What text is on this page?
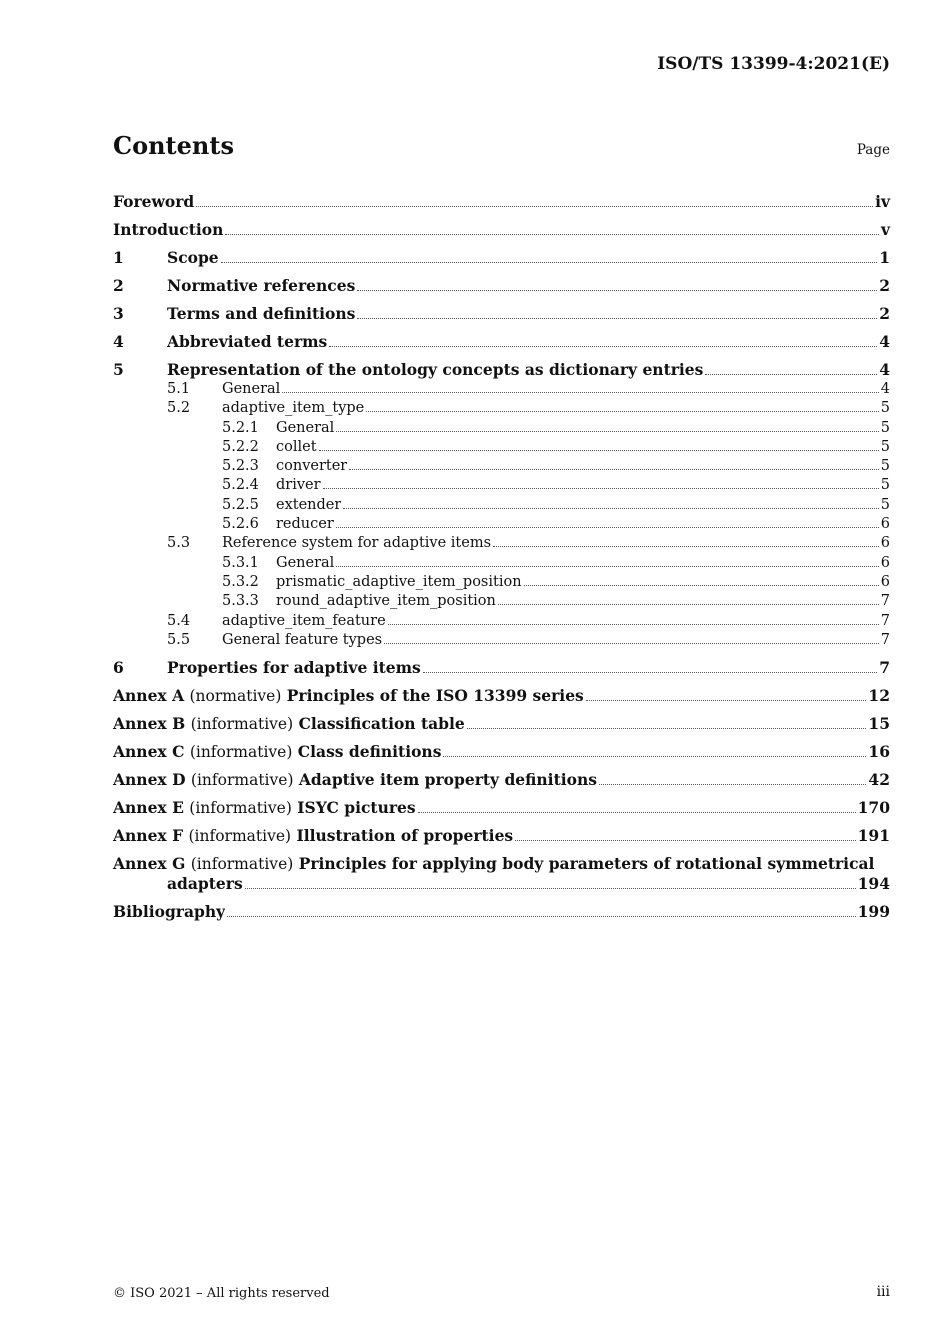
ISO/TS 13399-4:2021(E)
Contents	Page
Foreword	iv
Introduction	v
1	Scope	1
2	Normative references	2
3	Terms and definitions	2
4	Abbreviated terms	4
5	Representation of the ontology concepts as dictionary entries	4
5.1	General	4
5.2	adaptive_item_type	5
5.2.1	General	5
5.2.2	collet	5
5.2.3	converter	5
5.2.4	driver	5
5.2.5	extender	5
5.2.6	reducer	6
5.3	Reference system for adaptive items	6
5.3.1	General	6
5.3.2	prismatic_adaptive_item_position	6
5.3.3	round_adaptive_item_position	7
5.4	adaptive_item_feature	7
5.5	General feature types	7
6	Properties for adaptive items	7
Annex A (normative) Principles of the ISO 13399 series	12
Annex B (informative) Classification table	15
Annex C (informative) Class definitions	16
Annex D (informative) Adaptive item property definitions	42
Annex E (informative) ISYC pictures	170
Annex F (informative) Illustration of properties	191
Annex G (informative) Principles for applying body parameters of rotational symmetrical
adapters	194
Bibliography	199
© ISO 2021 – All rights reserved	iii
